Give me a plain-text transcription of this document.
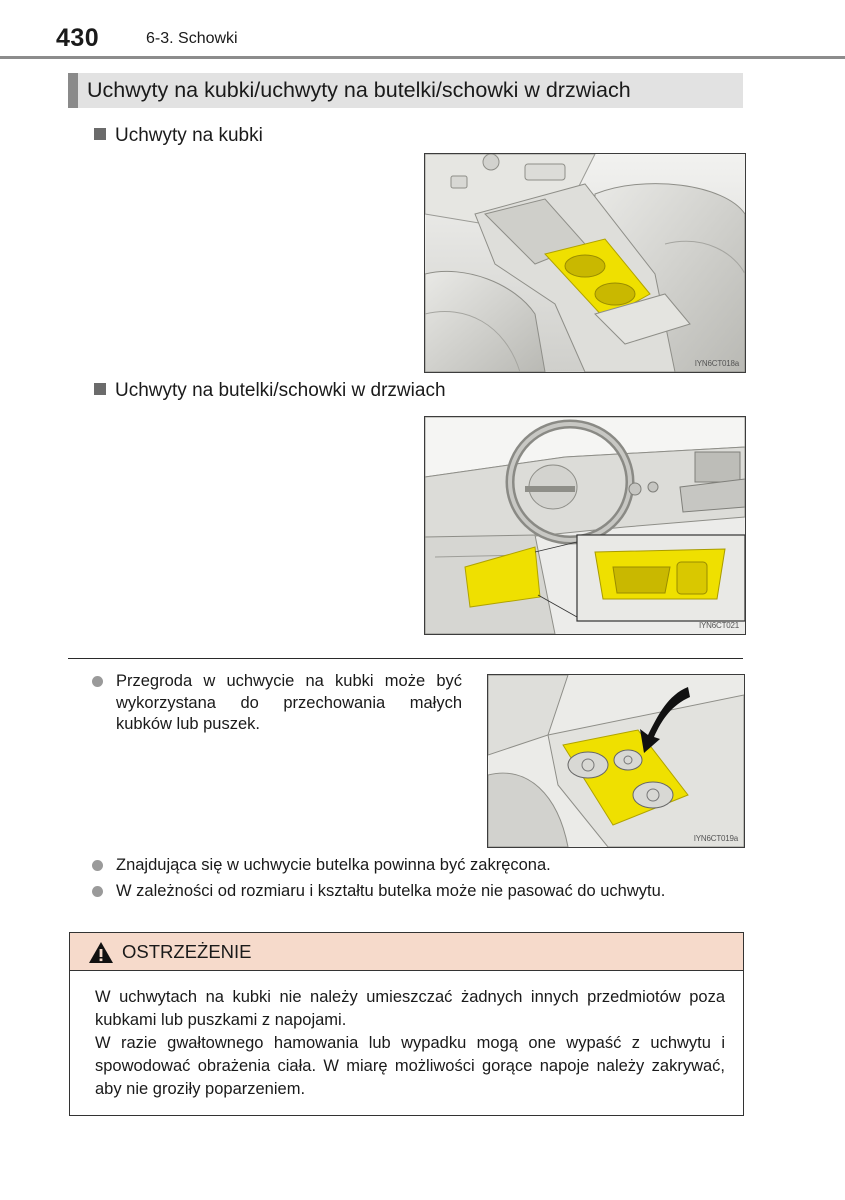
430	6-3. Schowki
Uchwyty na kubki/uchwyty na butelki/schowki w drzwiach
Uchwyty na kubki
IYN6CT018a
Uchwyty na butelki/schowki w drzwiach
IYN6CT021
Przegroda w uchwycie na kubki może być wykorzystana do przechowania małych kubków lub puszek.
IYN6CT019a
Znajdująca się w uchwycie butelka powinna być zakręcona.
W zależności od rozmiaru i kształtu butelka może nie pasować do uchwytu.
OSTRZEŻENIE

W uchwytach na kubki nie należy umieszczać żadnych innych przedmiotów poza kubkami lub puszkami z napojami.

W razie gwałtownego hamowania lub wypadku mogą one wypaść z uchwytu i spowodować obrażenia ciała. W miarę możliwości gorące napoje należy zakrywać, aby nie groziły poparzeniem.
